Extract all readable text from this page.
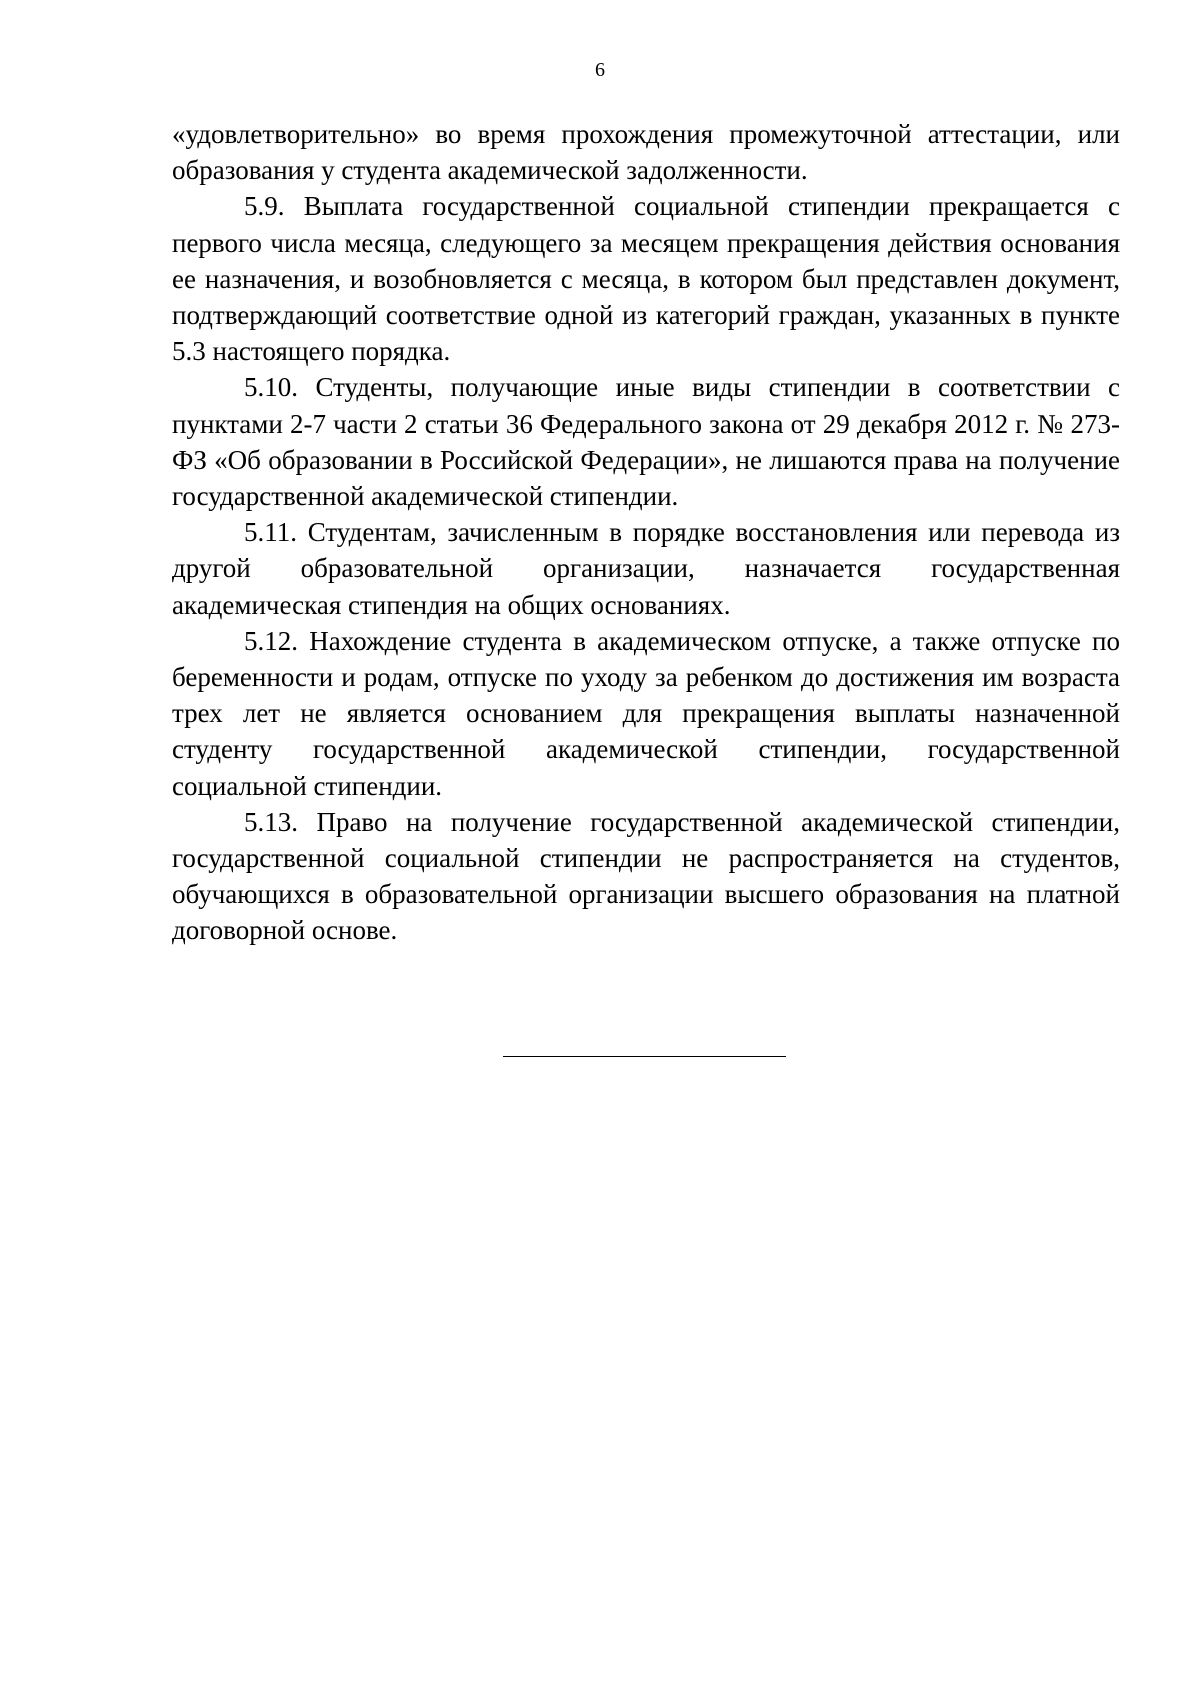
6

«удовлетворительно» во время прохождения промежуточной аттестации, или образования у студента академической задолженности.

5.9. Выплата государственной социальной стипендии прекращается с первого числа месяца, следующего за месяцем прекращения действия основания ее назначения, и возобновляется с месяца, в котором был представлен документ, подтверждающий соответствие одной из категорий граждан, указанных в пункте 5.3 настоящего порядка.

5.10. Студенты, получающие иные виды стипендии в соответствии с пунктами 2-7 части 2 статьи 36 Федерального закона от 29 декабря 2012 г. № 273-ФЗ «Об образовании в Российской Федерации», не лишаются права на получение государственной академической стипендии.

5.11. Студентам, зачисленным в порядке восстановления или перевода из другой образовательной организации, назначается государственная академическая стипендия на общих основаниях.

5.12. Нахождение студента в академическом отпуске, а также отпуске по беременности и родам, отпуске по уходу за ребенком до достижения им возраста трех лет не является основанием для прекращения выплаты назначенной студенту государственной академической стипендии, государственной социальной стипендии.

5.13. Право на получение государственной академической стипендии, государственной социальной стипендии не распространяется на студентов, обучающихся в образовательной организации высшего образования на платной договорной основе.
